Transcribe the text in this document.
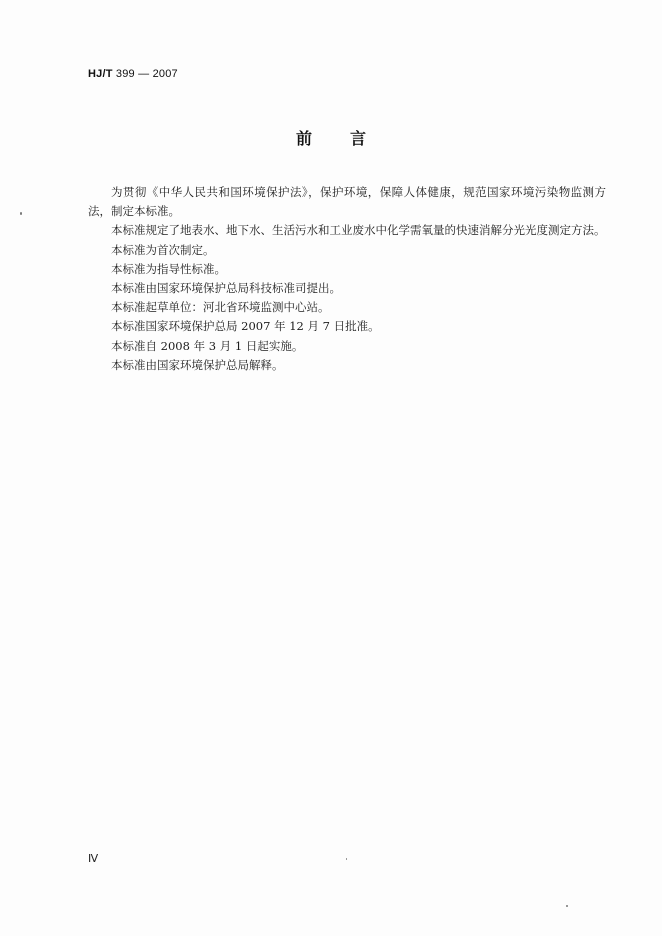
HJ/T 399 — 2007
前 言

为贯彻《中华人民共和国环境保护法》，保护环境，保障人体健康，规范国家环境污染物监测方法，制定本标准。

本标准规定了地表水、地下水、生活污水和工业废水中化学需氧量的快速消解分光光度测定方法。

本标准为首次制定。

本标准为指导性标准。

本标准由国家环境保护总局科技标准司提出。

本标准起草单位：河北省环境监测中心站。

本标准国家环境保护总局 2007 年 12 月 7 日批准。

本标准自 2008 年 3 月 1 日起实施。

本标准由国家环境保护总局解释。

Ⅳ
